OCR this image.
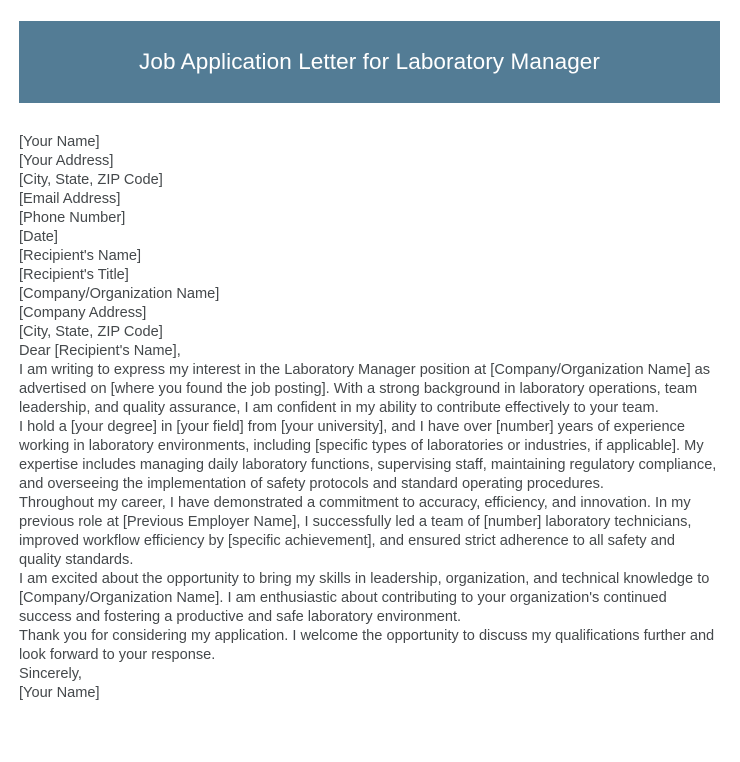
Job Application Letter for Laboratory Manager
[Your Name]
[Your Address]
[City, State, ZIP Code]
[Email Address]
[Phone Number]
[Date]
[Recipient's Name]
[Recipient's Title]
[Company/Organization Name]
[Company Address]
[City, State, ZIP Code]
Dear [Recipient's Name],

I am writing to express my interest in the Laboratory Manager position at [Company/Organization Name] as advertised on [where you found the job posting]. With a strong background in laboratory operations, team leadership, and quality assurance, I am confident in my ability to contribute effectively to your team.

I hold a [your degree] in [your field] from [your university], and I have over [number] years of experience working in laboratory environments, including [specific types of laboratories or industries, if applicable]. My expertise includes managing daily laboratory functions, supervising staff, maintaining regulatory compliance, and overseeing the implementation of safety protocols and standard operating procedures.

Throughout my career, I have demonstrated a commitment to accuracy, efficiency, and innovation. In my previous role at [Previous Employer Name], I successfully led a team of [number] laboratory technicians, improved workflow efficiency by [specific achievement], and ensured strict adherence to all safety and quality standards.

I am excited about the opportunity to bring my skills in leadership, organization, and technical knowledge to [Company/Organization Name]. I am enthusiastic about contributing to your organization's continued success and fostering a productive and safe laboratory environment.

Thank you for considering my application. I welcome the opportunity to discuss my qualifications further and look forward to your response.

Sincerely,
[Your Name]
